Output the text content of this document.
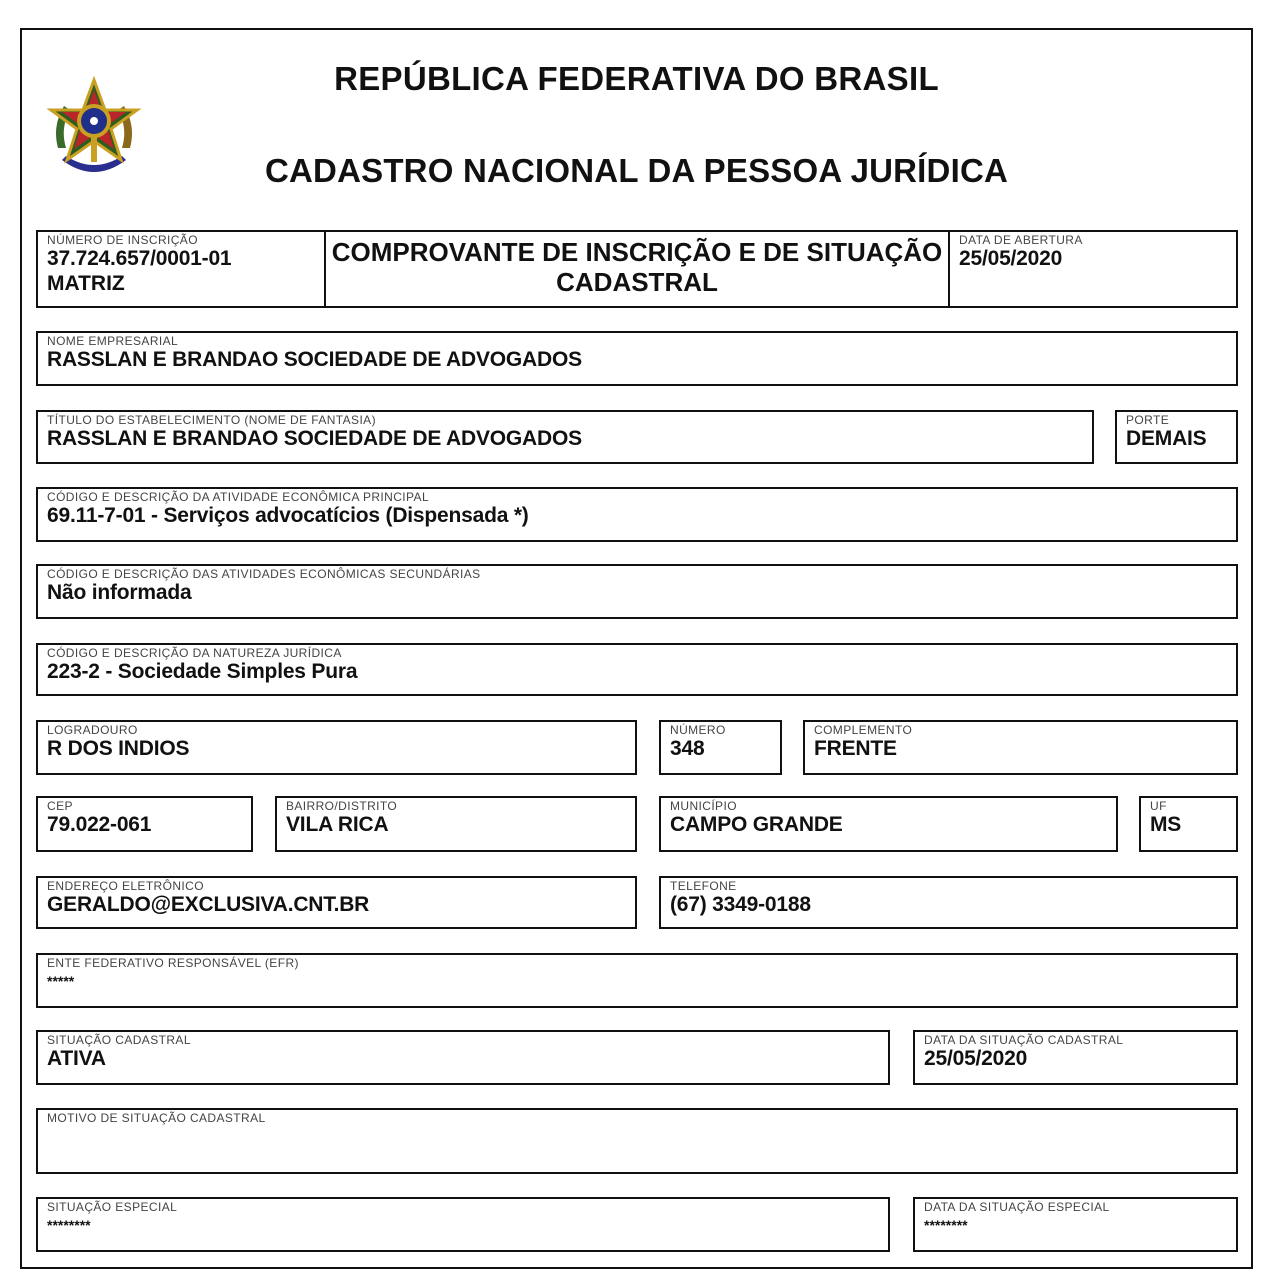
REPÚBLICA FEDERATIVA DO BRASIL
CADASTRO NACIONAL DA PESSOA JURÍDICA
NÚMERO DE INSCRIÇÃO
37.724.657/0001-01
MATRIZ
COMPROVANTE DE INSCRIÇÃO E DE SITUAÇÃO
CADASTRAL
DATA DE ABERTURA
25/05/2020
NOME EMPRESARIAL
RASSLAN E BRANDAO SOCIEDADE DE ADVOGADOS
TÍTULO DO ESTABELECIMENTO (NOME DE FANTASIA)
RASSLAN E BRANDAO SOCIEDADE DE ADVOGADOS
PORTE
DEMAIS
CÓDIGO E DESCRIÇÃO DA ATIVIDADE ECONÔMICA PRINCIPAL
69.11-7-01 - Serviços advocatícios (Dispensada *)
CÓDIGO E DESCRIÇÃO DAS ATIVIDADES ECONÔMICAS SECUNDÁRIAS
Não informada
CÓDIGO E DESCRIÇÃO DA NATUREZA JURÍDICA
223-2 - Sociedade Simples Pura
LOGRADOURO
R DOS INDIOS
NÚMERO
348
COMPLEMENTO
FRENTE
CEP
79.022-061
BAIRRO/DISTRITO
VILA RICA
MUNICÍPIO
CAMPO GRANDE
UF
MS
ENDEREÇO ELETRÔNICO
GERALDO@EXCLUSIVA.CNT.BR
TELEFONE
(67) 3349-0188
ENTE FEDERATIVO RESPONSÁVEL (EFR)
*****
SITUAÇÃO CADASTRAL
ATIVA
DATA DA SITUAÇÃO CADASTRAL
25/05/2020
MOTIVO DE SITUAÇÃO CADASTRAL
SITUAÇÃO ESPECIAL
********
DATA DA SITUAÇÃO ESPECIAL
********
